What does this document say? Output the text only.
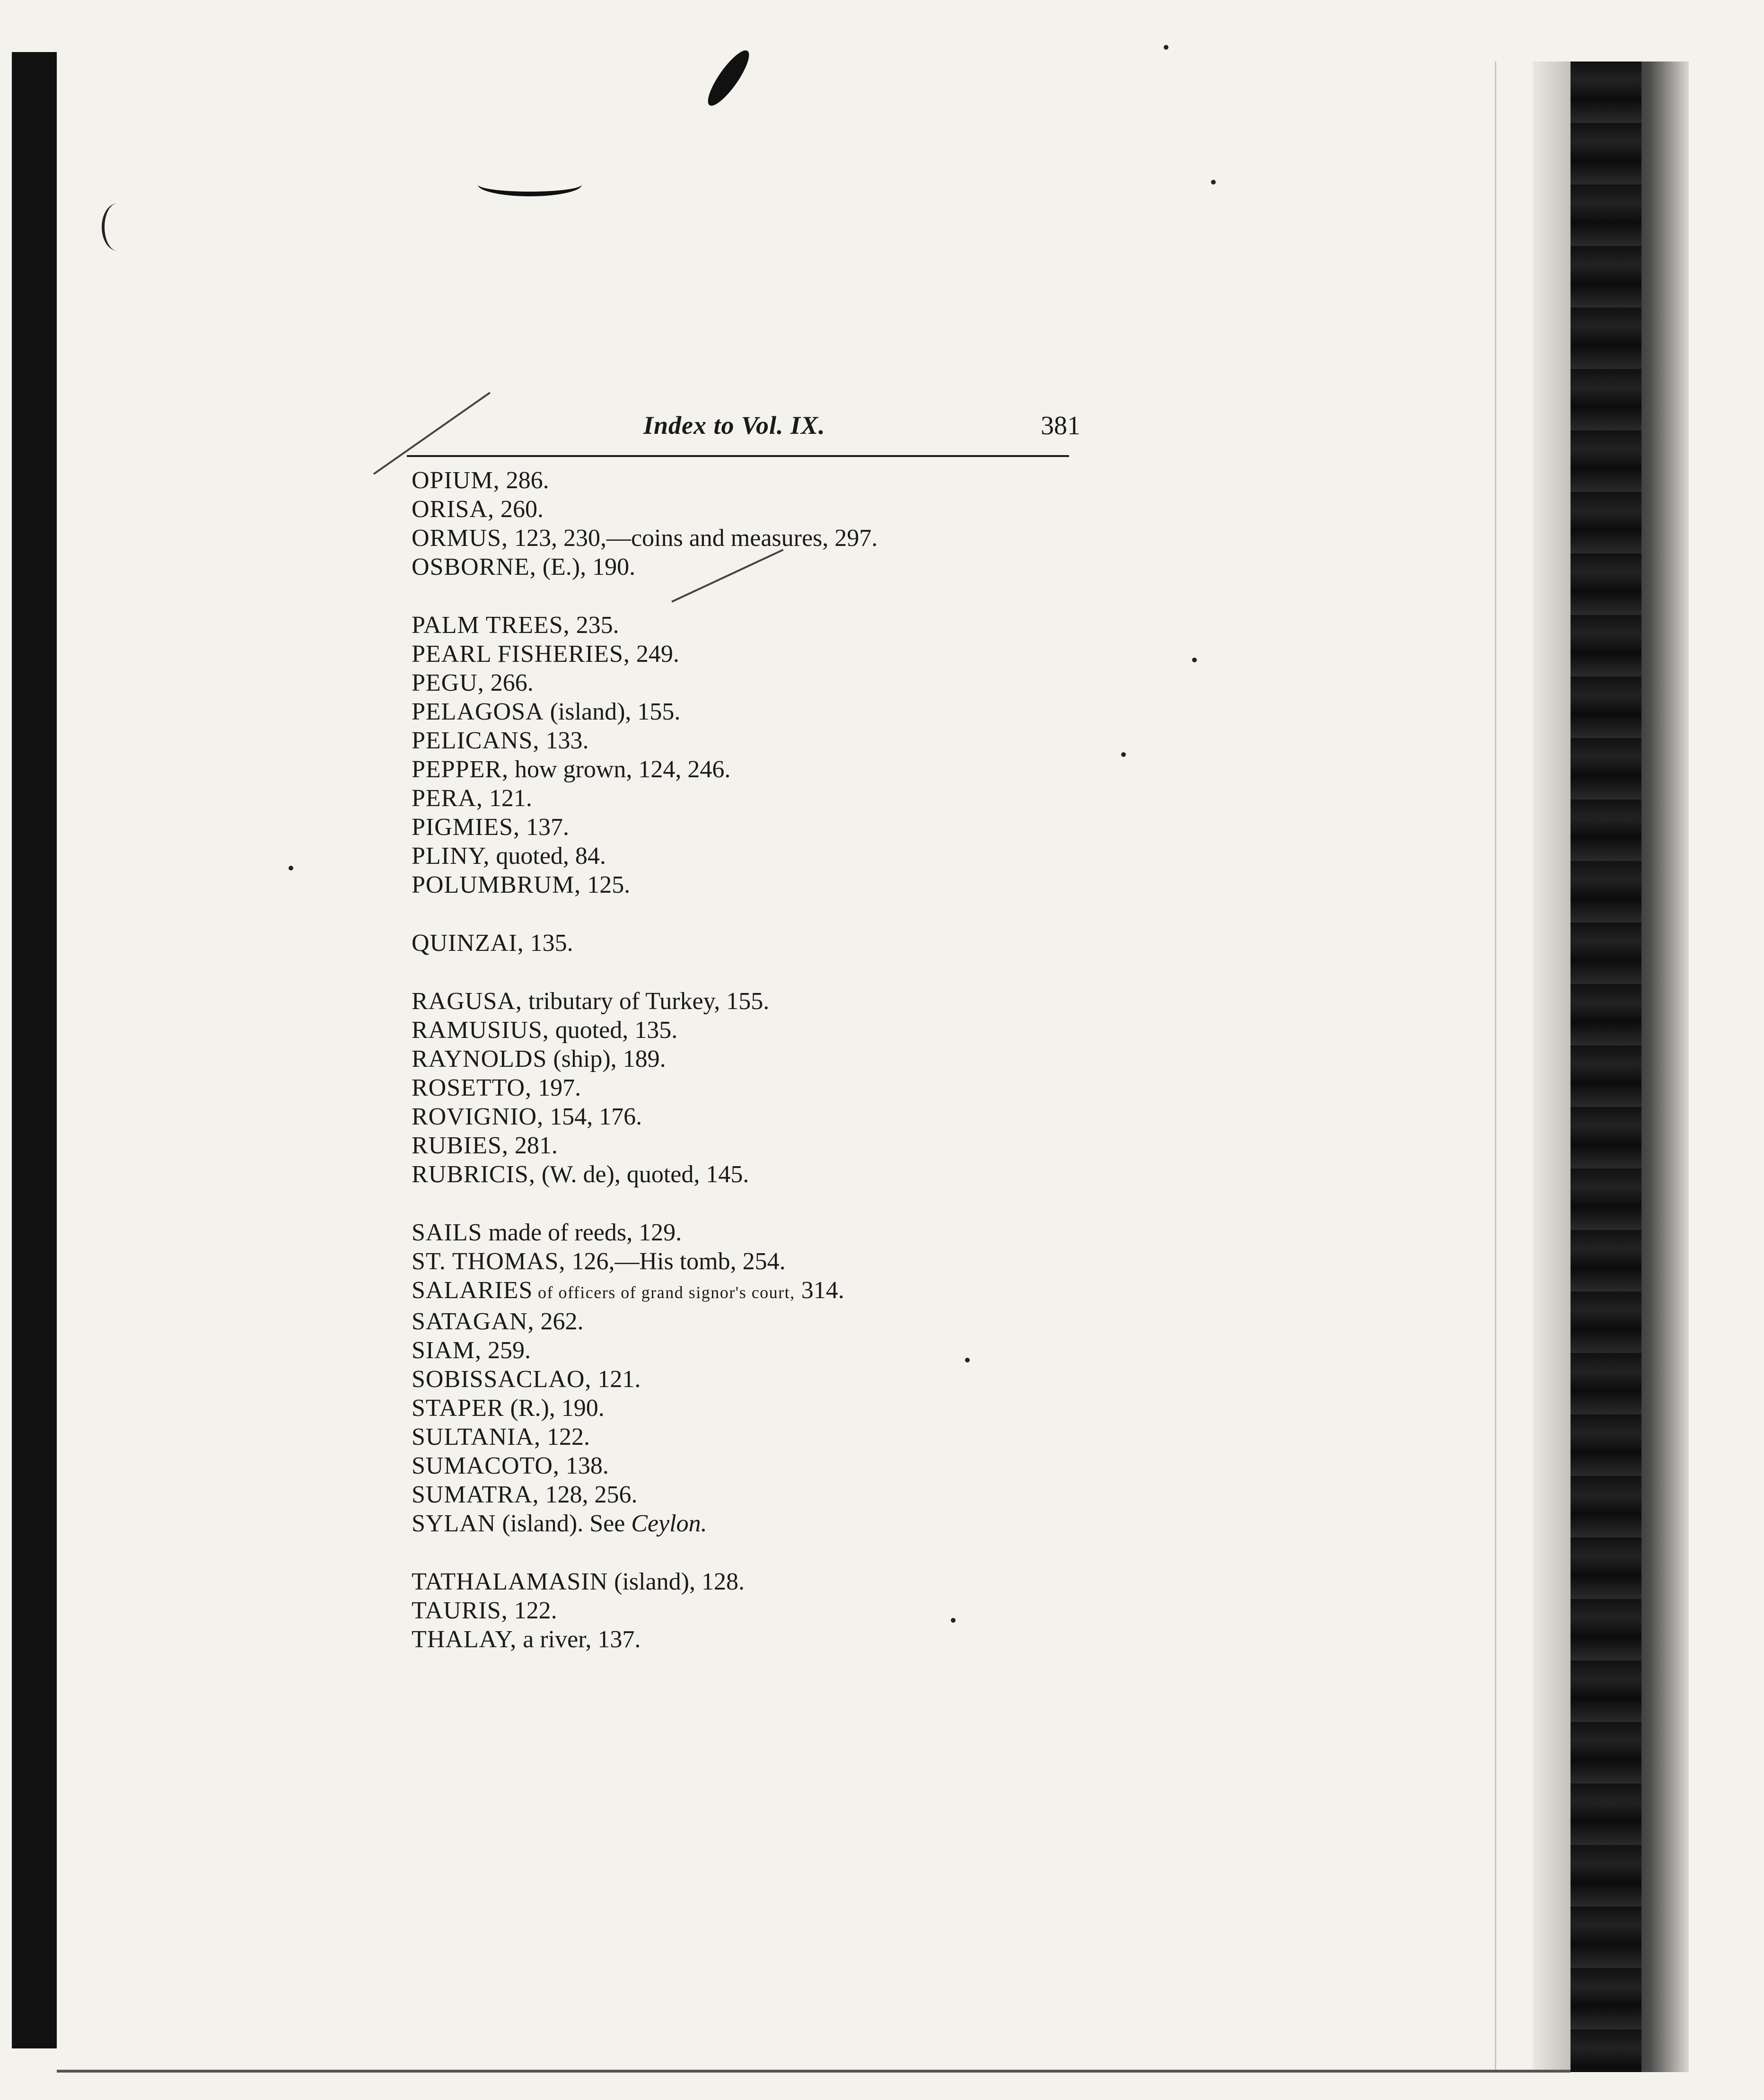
Index to Vol. IX.	381
OPIUM, 286.
ORISA, 260.
ORMUS, 123, 230,—coins and measures, 297.
OSBORNE, (E.), 190.
PALM TREES, 235.
PEARL FISHERIES, 249.
PEGU, 266.
PELAGOSA (island), 155.
PELICANS, 133.
PEPPER, how grown, 124, 246.
PERA, 121.
PIGMIES, 137.
PLINY, quoted, 84.
POLUMBRUM, 125.
QUINZAI, 135.
RAGUSA, tributary of Turkey, 155.
RAMUSIUS, quoted, 135.
RAYNOLDS (ship), 189.
ROSETTO, 197.
ROVIGNIO, 154, 176.
RUBIES, 281.
RUBRICIS, (W. de), quoted, 145.
SAILS made of reeds, 129.
ST. THOMAS, 126,—His tomb, 254.
SALARIES of officers of grand signor's court, 314.
SATAGAN, 262.
SIAM, 259.
SOBISSACLAO, 121.
STAPER (R.), 190.
SULTANIA, 122.
SUMACOTO, 138.
SUMATRA, 128, 256.
SYLAN (island). See Ceylon.
TATHALAMASIN (island), 128.
TAURIS, 122.
THALAY, a river, 137.
